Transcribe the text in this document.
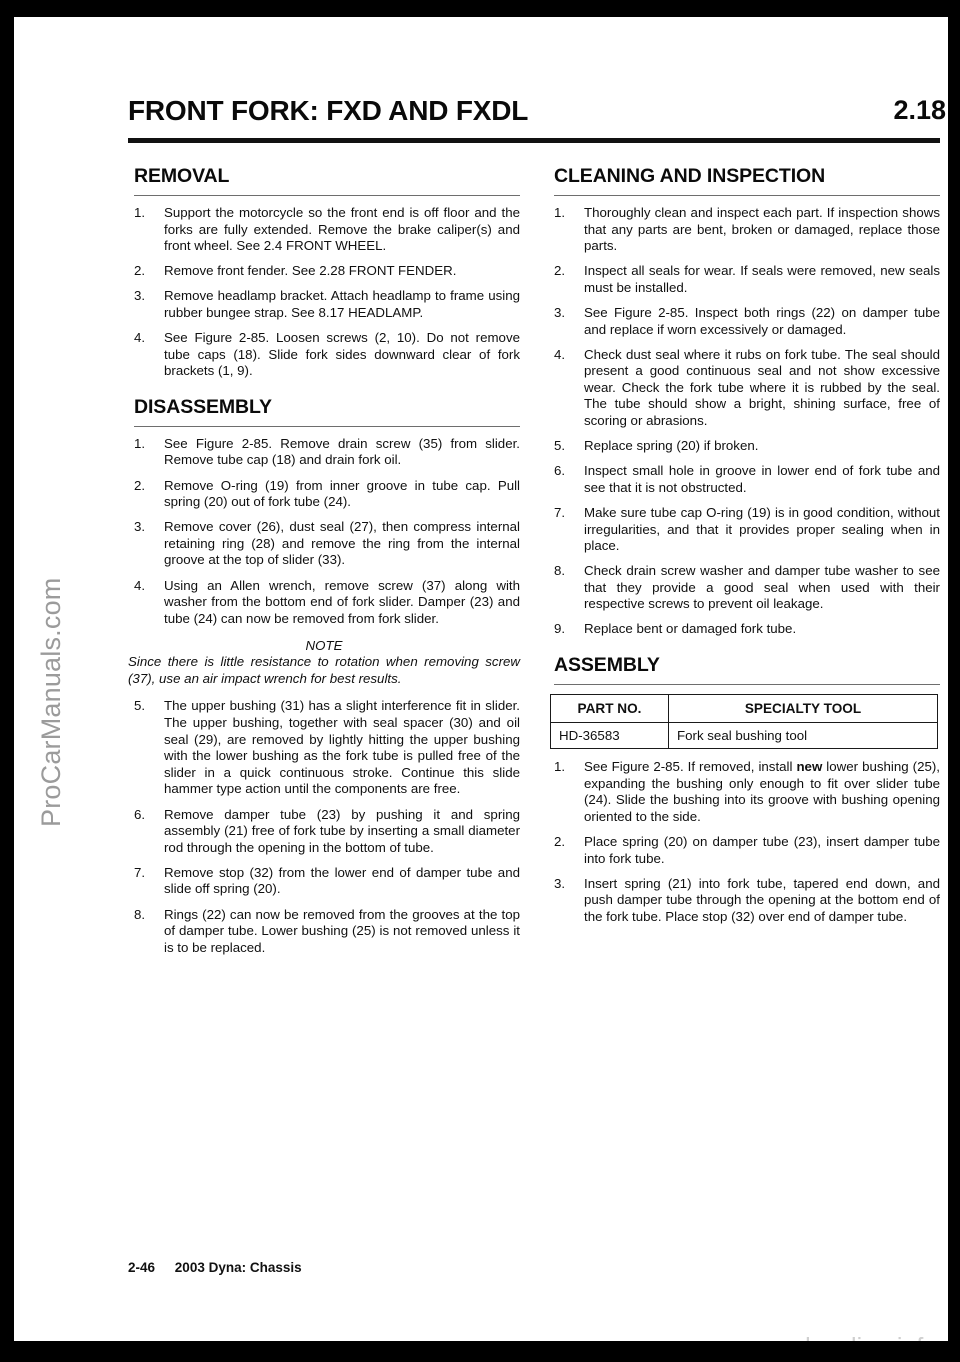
ProCarManuals.com
FRONT FORK: FXD AND FXDL	2.18
REMOVAL
1.	Support the motorcycle so the front end is off floor and the forks are fully extended. Remove the brake caliper(s) and front wheel. See 2.4 FRONT WHEEL.
2.	Remove front fender. See 2.28 FRONT FENDER.
3.	Remove headlamp bracket. Attach headlamp to frame using rubber bungee strap. See 8.17 HEADLAMP.
4.	See Figure 2-85. Loosen screws (2, 10). Do not remove tube caps (18). Slide fork sides downward clear of fork brackets (1, 9).
DISASSEMBLY
1.	See Figure 2-85. Remove drain screw (35) from slider. Remove tube cap (18) and drain fork oil.
2.	Remove O-ring (19) from inner groove in tube cap. Pull spring (20) out of fork tube (24).
3.	Remove cover (26), dust seal (27), then compress internal retaining ring (28) and remove the ring from the internal groove at the top of slider (33).
4.	Using an Allen wrench, remove screw (37) along with washer from the bottom end of fork slider. Damper (23) and tube (24) can now be removed from fork slider.
NOTE
Since there is little resistance to rotation when removing screw (37), use an air impact wrench for best results.
5.	The upper bushing (31) has a slight interference fit in slider. The upper bushing, together with seal spacer (30) and oil seal (29), are removed by lightly hitting the upper bushing with the lower bushing as the fork tube is pulled free of the slider in a quick continuous stroke. Continue this slide hammer type action until the components are free.
6.	Remove damper tube (23) by pushing it and spring assembly (21) free of fork tube by inserting a small diameter rod through the opening in the bottom of tube.
7.	Remove stop (32) from the lower end of damper tube and slide off spring (20).
8.	Rings (22) can now be removed from the grooves at the top of damper tube. Lower bushing (25) is not removed unless it is to be replaced.
CLEANING AND INSPECTION
1.	Thoroughly clean and inspect each part. If inspection shows that any parts are bent, broken or damaged, replace those parts.
2.	Inspect all seals for wear. If seals were removed, new seals must be installed.
3.	See Figure 2-85. Inspect both rings (22) on damper tube and replace if worn excessively or damaged.
4.	Check dust seal where it rubs on fork tube. The seal should present a good continuous seal and not show excessive wear. Check the fork tube where it is rubbed by the seal. The tube should show a bright, shining surface, free of scoring or abrasions.
5.	Replace spring (20) if broken.
6.	Inspect small hole in groove in lower end of fork tube and see that it is not obstructed.
7.	Make sure tube cap O-ring (19) is in good condition, without irregularities, and that it provides proper sealing when in place.
8.	Check drain screw washer and damper tube washer to see that they provide a good seal when used with their respective screws to prevent oil leakage.
9.	Replace bent or damaged fork tube.
ASSEMBLY
PART NO.	SPECIALTY TOOL
HD-36583	Fork seal bushing tool
1.	See Figure 2-85. If removed, install new lower bushing (25), expanding the bushing only enough to fit over slider tube (24). Slide the bushing into its groove with bushing opening oriented to the side.
2.	Place spring (20) on damper tube (23), insert damper tube into fork tube.
3.	Insert spring (21) into fork tube, tapered end down, and push damper tube through the opening at the bottom end of the fork tube. Place stop (32) over end of damper tube.
2-46 2003 Dyna: Chassis
